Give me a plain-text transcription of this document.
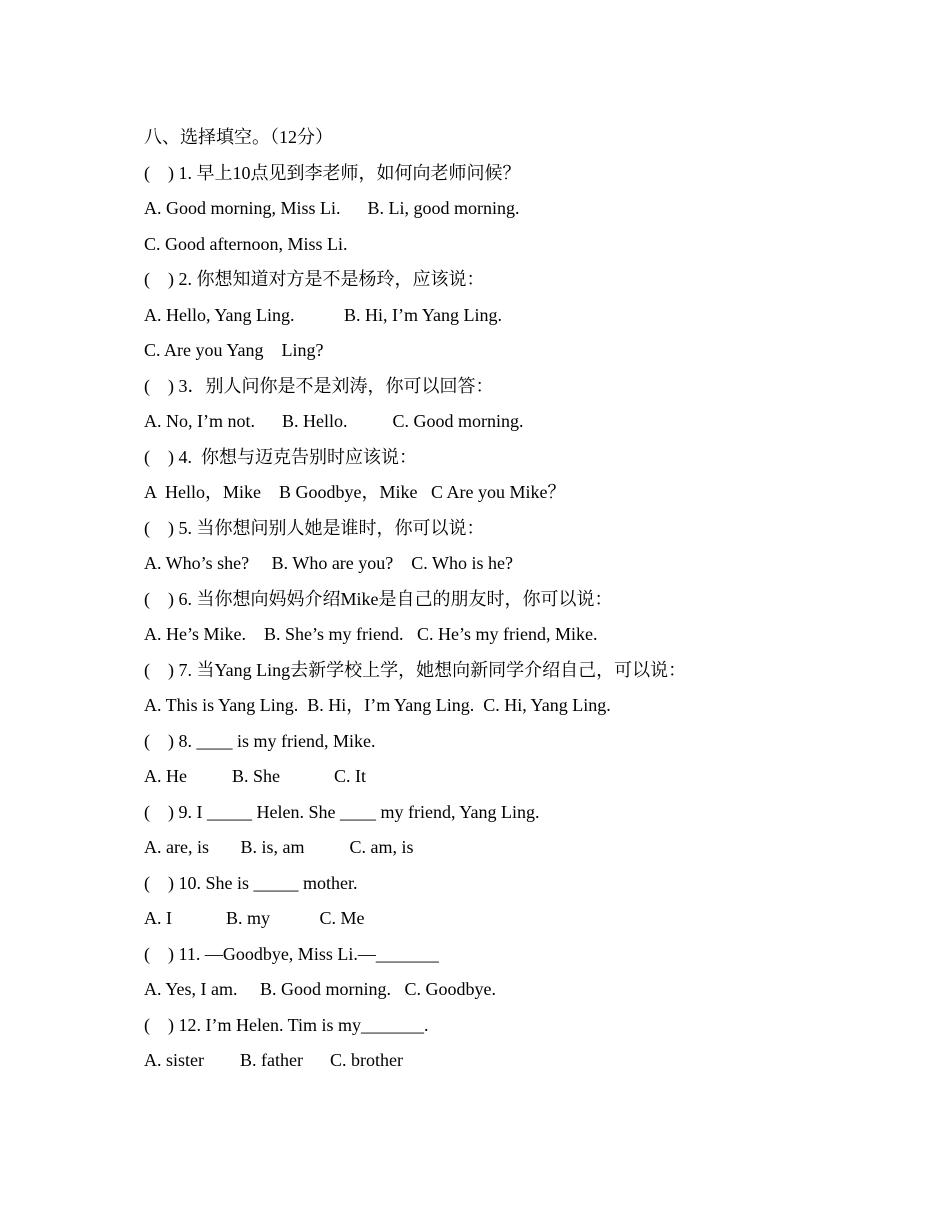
八、选择填空。（12分）
(    ) 1. 早上10点见到李老师，如何向老师问候？
A. Good morning, Miss Li.      B. Li, good morning.
C. Good afternoon, Miss Li.
(    ) 2. 你想知道对方是不是杨玲，应该说：
A. Hello, Yang Ling.           B. Hi, I’m Yang Ling.
C. Are you Yang    Ling?
(    ) 3．别人问你是不是刘涛，你可以回答：
A. No, I’m not.      B. Hello.          C. Good morning.
(    ) 4.  你想与迈克告别时应该说：
A  Hello，Mike    B Goodbye，Mike   C Are you Mike？
(    ) 5. 当你想问别人她是谁时，你可以说：
A. Who’s she?     B. Who are you?    C. Who is he?
(    ) 6. 当你想向妈妈介绍Mike是自己的朋友时，你可以说：
A. He’s Mike.    B. She’s my friend.   C. He’s my friend, Mike.
(    ) 7. 当Yang Ling去新学校上学，她想向新同学介绍自己，可以说：
A. This is Yang Ling.  B. Hi，I’m Yang Ling.  C. Hi, Yang Ling.
(    ) 8. ____ is my friend, Mike.
A. He          B. She            C. It
(    ) 9. I _____ Helen. She ____ my friend, Yang Ling.
A. are, is       B. is, am          C. am, is
(    ) 10. She is _____ mother.
A. I            B. my           C. Me
(    ) 11. —Goodbye, Miss Li.—_______
A. Yes, I am.     B. Good morning.   C. Goodbye.
(    ) 12. I’m Helen. Tim is my_______.
A. sister        B. father      C. brother
